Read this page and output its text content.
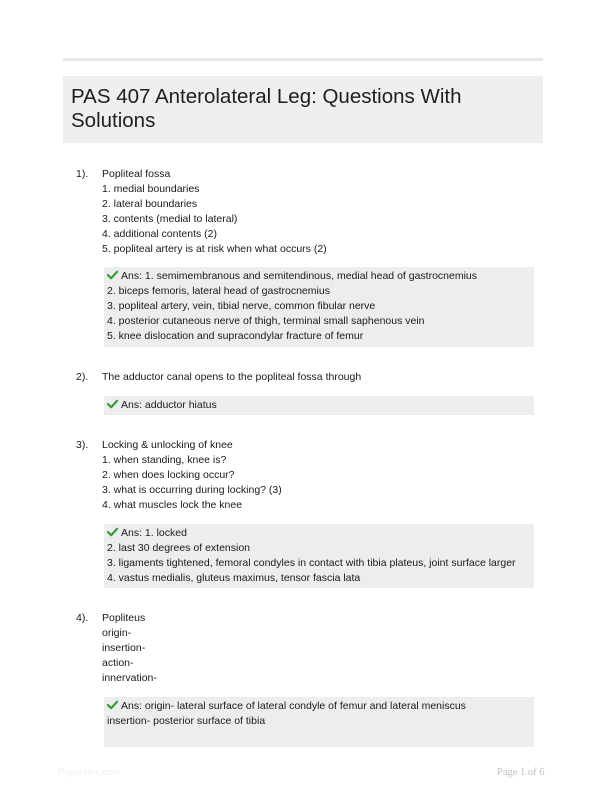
PAS 407 Anterolateral Leg: Questions With Solutions
1). Popliteal fossa
1. medial boundaries
2. lateral boundaries
3. contents (medial to lateral)
4. additional contents (2)
5. popliteal artery is at risk when what occurs (2)
Ans: 1. semimembranous and semitendinous, medial head of gastrocnemius
2. biceps femoris, lateral head of gastrocnemius
3. popliteal artery, vein, tibial nerve, common fibular nerve
4. posterior cutaneous nerve of thigh, terminal small saphenous vein
5. knee dislocation and supracondylar fracture of femur
2). The adductor canal opens to the popliteal fossa through
Ans: adductor hiatus
3). Locking & unlocking of knee
1. when standing, knee is?
2. when does locking occur?
3. what is occurring during locking? (3)
4. what muscles lock the knee
Ans: 1. locked
2. last 30 degrees of extension
3. ligaments tightened, femoral condyles in contact with tibia plateus, joint surface larger
4. vastus medialis, gluteus maximus, tensor fascia lata
4). Popliteus
origin-
insertion-
action-
innervation-
Ans: origin- lateral surface of lateral condyle of femur and lateral meniscus
insertion- posterior surface of tibia
Paperlibic.com	Page 1 of 6
